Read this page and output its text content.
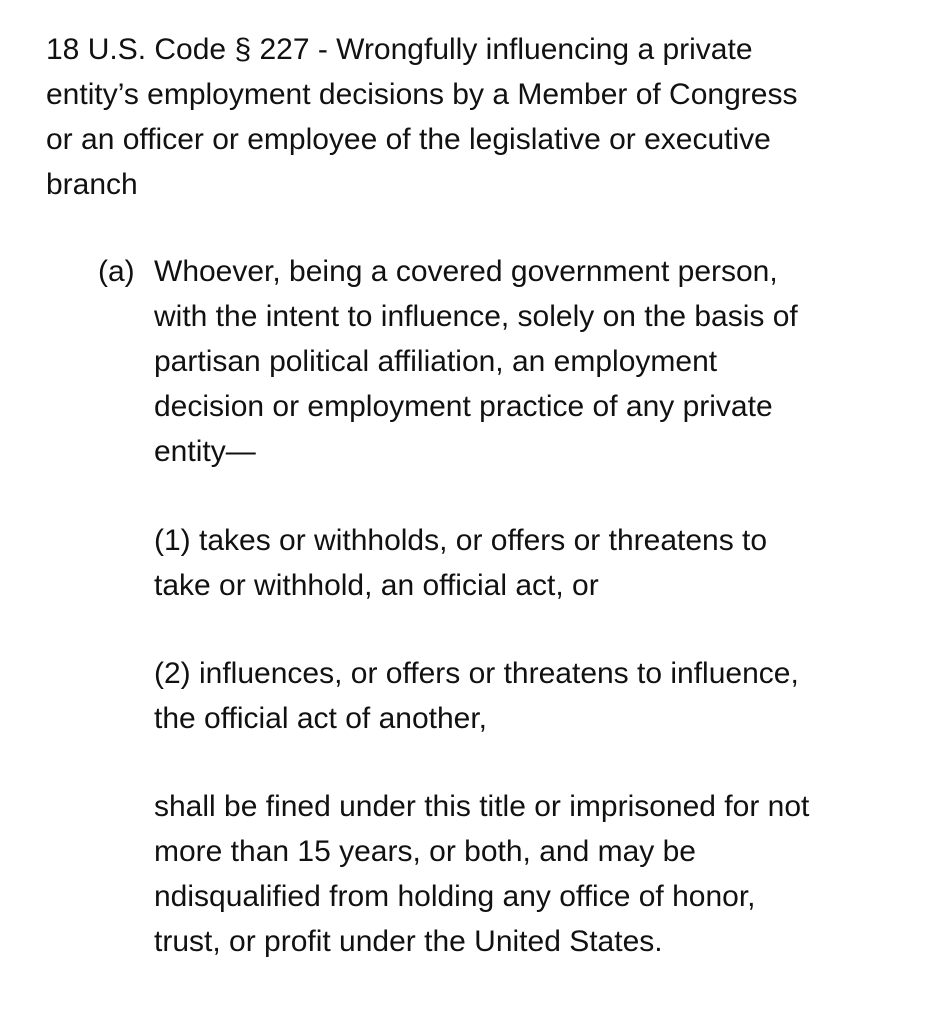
18 U.S. Code § 227 - Wrongfully influencing a private
entity’s employment decisions by a Member of Congress
or an officer or employee of the legislative or executive
branch
(a) Whoever, being a covered government person,
with the intent to influence, solely on the basis of
partisan political affiliation, an employment
decision or employment practice of any private
entity—

(1) takes or withholds, or offers or threatens to
take or withhold, an official act, or

(2) influences, or offers or threatens to influence,
the official act of another,

shall be fined under this title or imprisoned for not
more than 15 years, or both, and may be
ndisqualified from holding any office of honor,
trust, or profit under the United States.
